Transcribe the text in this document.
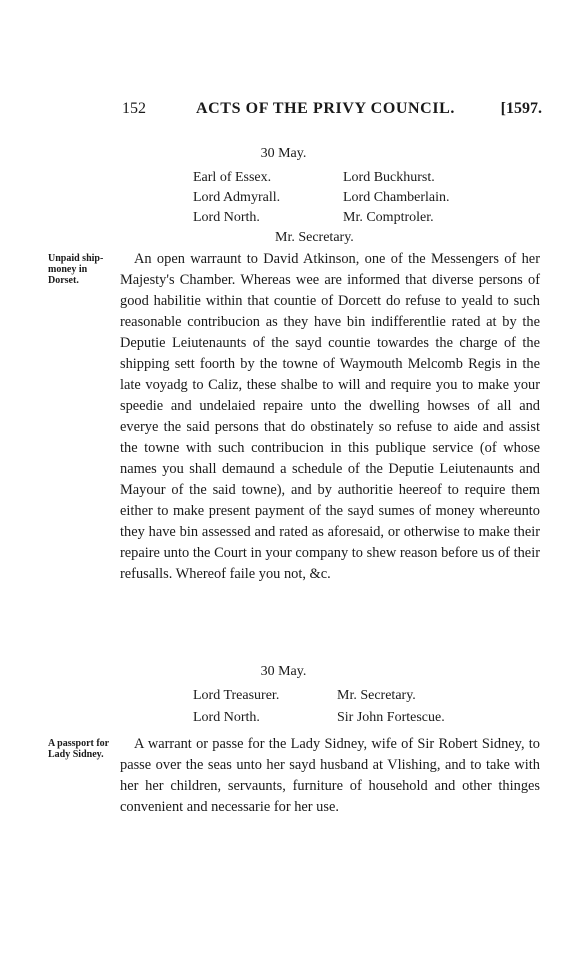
152	ACTS OF THE PRIVY COUNCIL.	[1597.
30 May.
Earl of Essex.	Lord Buckhurst.
Lord Admyrall.	Lord Chamberlain.
Lord North.	Mr. Comptroler.
Mr. Secretary.
Unpaid ship-money in Dorset.
An open warraunt to David Atkinson, one of the Messengers of her Majesty's Chamber. Whereas wee are informed that diverse persons of good habilitie within that countie of Dorcett do refuse to yeald to such reasonable contribucion as they have bin indifferentlie rated at by the Deputie Leiutenaunts of the sayd countie towardes the charge of the shipping sett foorth by the towne of Waymouth Melcomb Regis in the late voyadg to Caliz, these shalbe to will and require you to make your speedie and undelaied repaire unto the dwelling howses of all and everye the said persons that do obstinately so refuse to aide and assist the towne with such contribucion in this publique service (of whose names you shall demaund a schedule of the Deputie Leiutenaunts and Mayour of the said towne), and by authoritie heereof to require them either to make present payment of the sayd sumes of money whereunto they have bin assessed and rated as aforesaid, or otherwise to make their repaire unto the Court in your company to shew reason before us of their refusalls. Whereof faile you not, &c.
30 May.
Lord Treasurer.	Mr. Secretary.
Lord North.	Sir John Fortescue.
A passport for Lady Sidney.
A warrant or passe for the Lady Sidney, wife of Sir Robert Sidney, to passe over the seas unto her sayd husband at Vlishing, and to take with her her children, servaunts, furniture of household and other thinges convenient and necessarie for her use.
